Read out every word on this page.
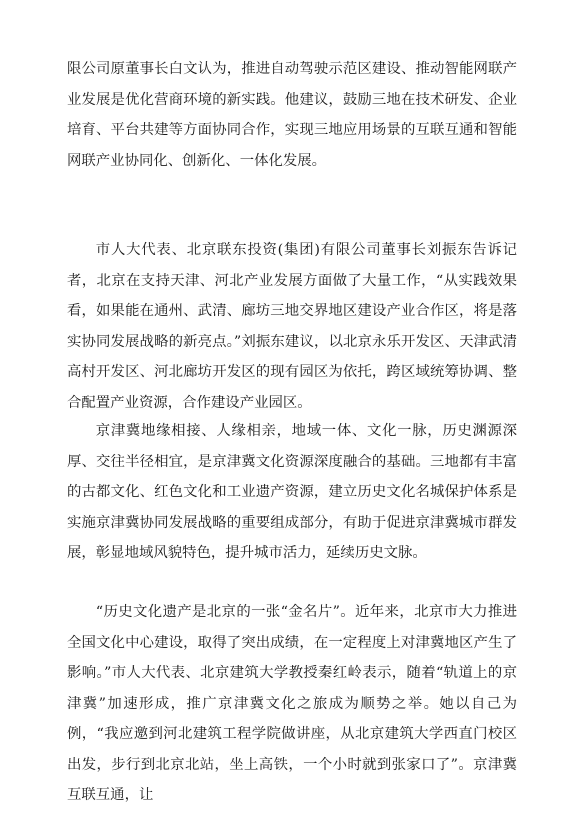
限公司原董事长白文认为，推进自动驾驶示范区建设、推动智能网联产业发展是优化营商环境的新实践。他建议，鼓励三地在技术研发、企业培育、平台共建等方面协同合作，实现三地应用场景的互联互通和智能网联产业协同化、创新化、一体化发展。

市人大代表、北京联东投资(集团)有限公司董事长刘振东告诉记者，北京在支持天津、河北产业发展方面做了大量工作，“从实践效果看，如果能在通州、武清、廊坊三地交界地区建设产业合作区，将是落实协同发展战略的新亮点。”刘振东建议，以北京永乐开发区、天津武清高村开发区、河北廊坊开发区的现有园区为依托，跨区域统筹协调、整合配置产业资源，合作建设产业园区。

京津冀地缘相接、人缘相亲，地域一体、文化一脉，历史渊源深厚、交往半径相宜，是京津冀文化资源深度融合的基础。三地都有丰富的古都文化、红色文化和工业遗产资源，建立历史文化名城保护体系是实施京津冀协同发展战略的重要组成部分，有助于促进京津冀城市群发展，彰显地域风貌特色，提升城市活力，延续历史文脉。

“历史文化遗产是北京的一张“金名片”。近年来，北京市大力推进全国文化中心建设，取得了突出成绩，在一定程度上对津冀地区产生了影响。”市人大代表、北京建筑大学教授秦红岭表示，随着“轨道上的京津冀”加速形成，推广京津冀文化之旅成为顺势之举。她以自己为例，“我应邀到河北建筑工程学院做讲座，从北京建筑大学西直门校区出发，步行到北京北站，坐上高铁，一个小时就到张家口了”。京津冀互联互通，让
